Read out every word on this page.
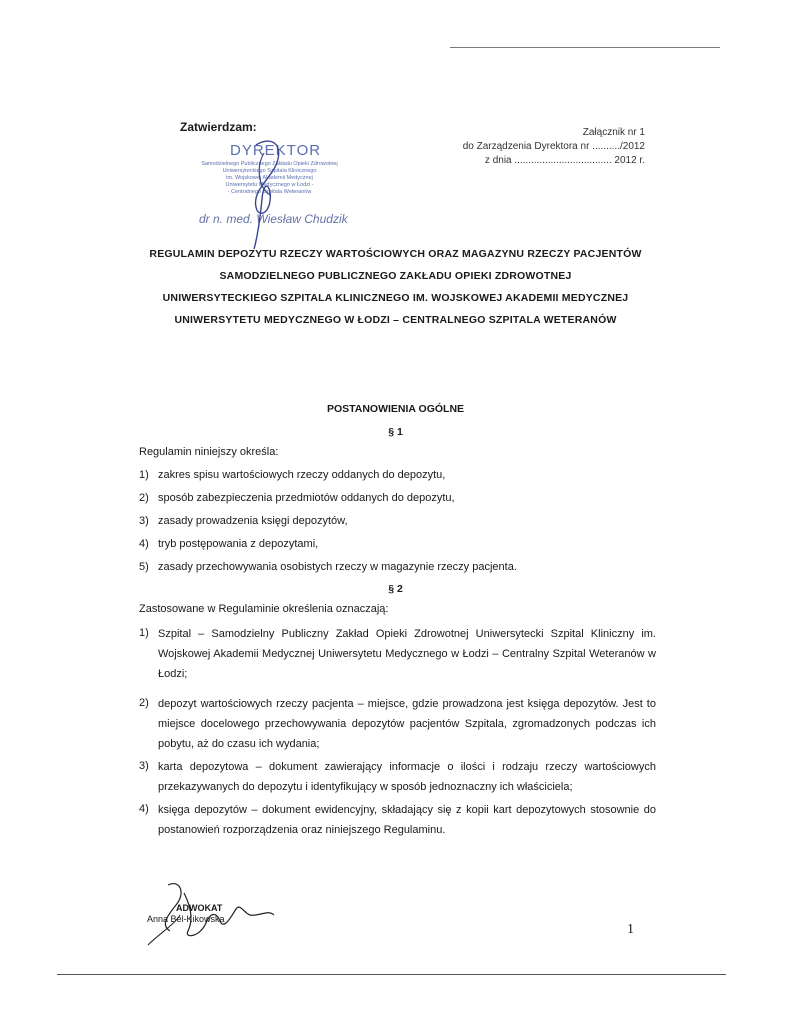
Zatwierdzam:	Załącznik nr 1
do Zarządzenia Dyrektora nr ........../2012
z dnia ................................... 2012 r.
DYREKTOR
Samodzielnego Publicznego Zakładu Opieki Zdrowotnej
Uniwersyteckiego Szpitala Klinicznego
im. Wojskowej Akademii Medycznej
Uniwersytetu Medycznego w Łodzi -
- Centralnego Szpitala Weteranów
dr n. med. Wiesław Chudzik
REGULAMIN DEPOZYTU RZECZY WARTOŚCIOWYCH ORAZ MAGAZYNU RZECZY PACJENTÓW
SAMODZIELNEGO PUBLICZNEGO ZAKŁADU OPIEKI ZDROWOTNEJ
UNIWERSYTECKIEGO SZPITALA KLINICZNEGO IM. WOJSKOWEJ AKADEMII MEDYCZNEJ
UNIWERSYTETU MEDYCZNEGO W ŁODZI – CENTRALNEGO SZPITALA WETERANÓW
POSTANOWIENIA OGÓLNE
§ 1
Regulamin niniejszy określa:
1) zakres spisu wartościowych rzeczy oddanych do depozytu,
2) sposób zabezpieczenia przedmiotów oddanych do depozytu,
3) zasady prowadzenia księgi depozytów,
4) tryb postępowania z depozytami,
5) zasady przechowywania osobistych rzeczy w magazynie rzeczy pacjenta.
§ 2
Zastosowane w Regulaminie określenia oznaczają:
1) Szpital – Samodzielny Publiczny Zakład Opieki Zdrowotnej Uniwersytecki Szpital Kliniczny im. Wojskowej Akademii Medycznej Uniwersytetu Medycznego w Łodzi – Centralny Szpital Weteranów w Łodzi;
2) depozyt wartościowych rzeczy pacjenta – miejsce, gdzie prowadzona jest księga depozytów. Jest to miejsce docelowego przechowywania depozytów pacjentów Szpitala, zgromadzonych podczas ich pobytu, aż do czasu ich wydania;
3) karta depozytowa – dokument zawierający informacje o ilości i rodzaju rzeczy wartościowych przekazywanych do depozytu i identyfikujący w sposób jednoznaczny ich właściciela;
4) księga depozytów – dokument ewidencyjny, składający się z kopii kart depozytowych stosownie do postanowień rozporządzenia oraz niniejszego Regulaminu.
ADWOKAT
Anna Bel-Kikowska
1
